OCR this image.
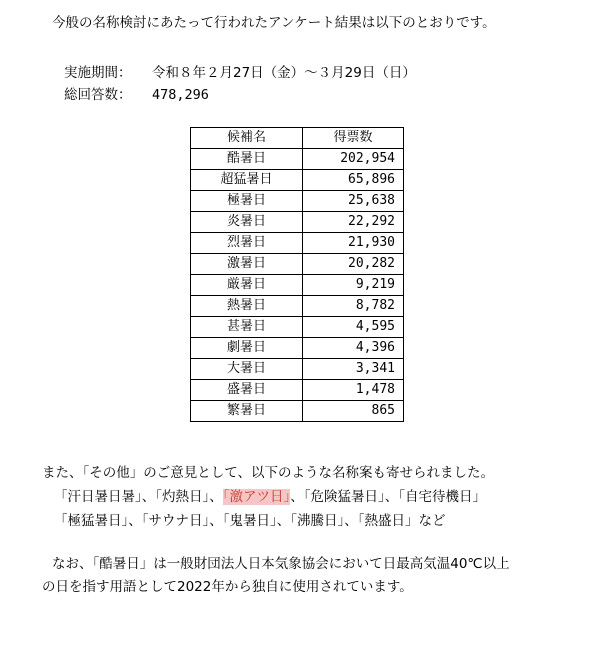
今般の名称検討にあたって行われたアンケート結果は以下のとおりです。
実施期間： 令和８年２月27日（金）～３月29日（日）
総回答数： 478,296
候補名	得票数
酷暑日	202,954
超猛暑日	65,896
極暑日	25,638
炎暑日	22,292
烈暑日	21,930
激暑日	20,282
厳暑日	9,219
熱暑日	8,782
甚暑日	4,595
劇暑日	4,396
大暑日	3,341
盛暑日	1,478
繁暑日	865
また、「その他」のご意見として、以下のような名称案も寄せられました。
「汗日暑日暑」、「灼熱日」、「激アツ日」、「危険猛暑日」、「自宅待機日」
「極猛暑日」、「サウナ日」、「鬼暑日」、「沸騰日」、「熱盛日」など
なお、「酷暑日」は一般財団法人日本気象協会において日最高気温40℃以上
の日を指す用語として2022年から独自に使用されています。
